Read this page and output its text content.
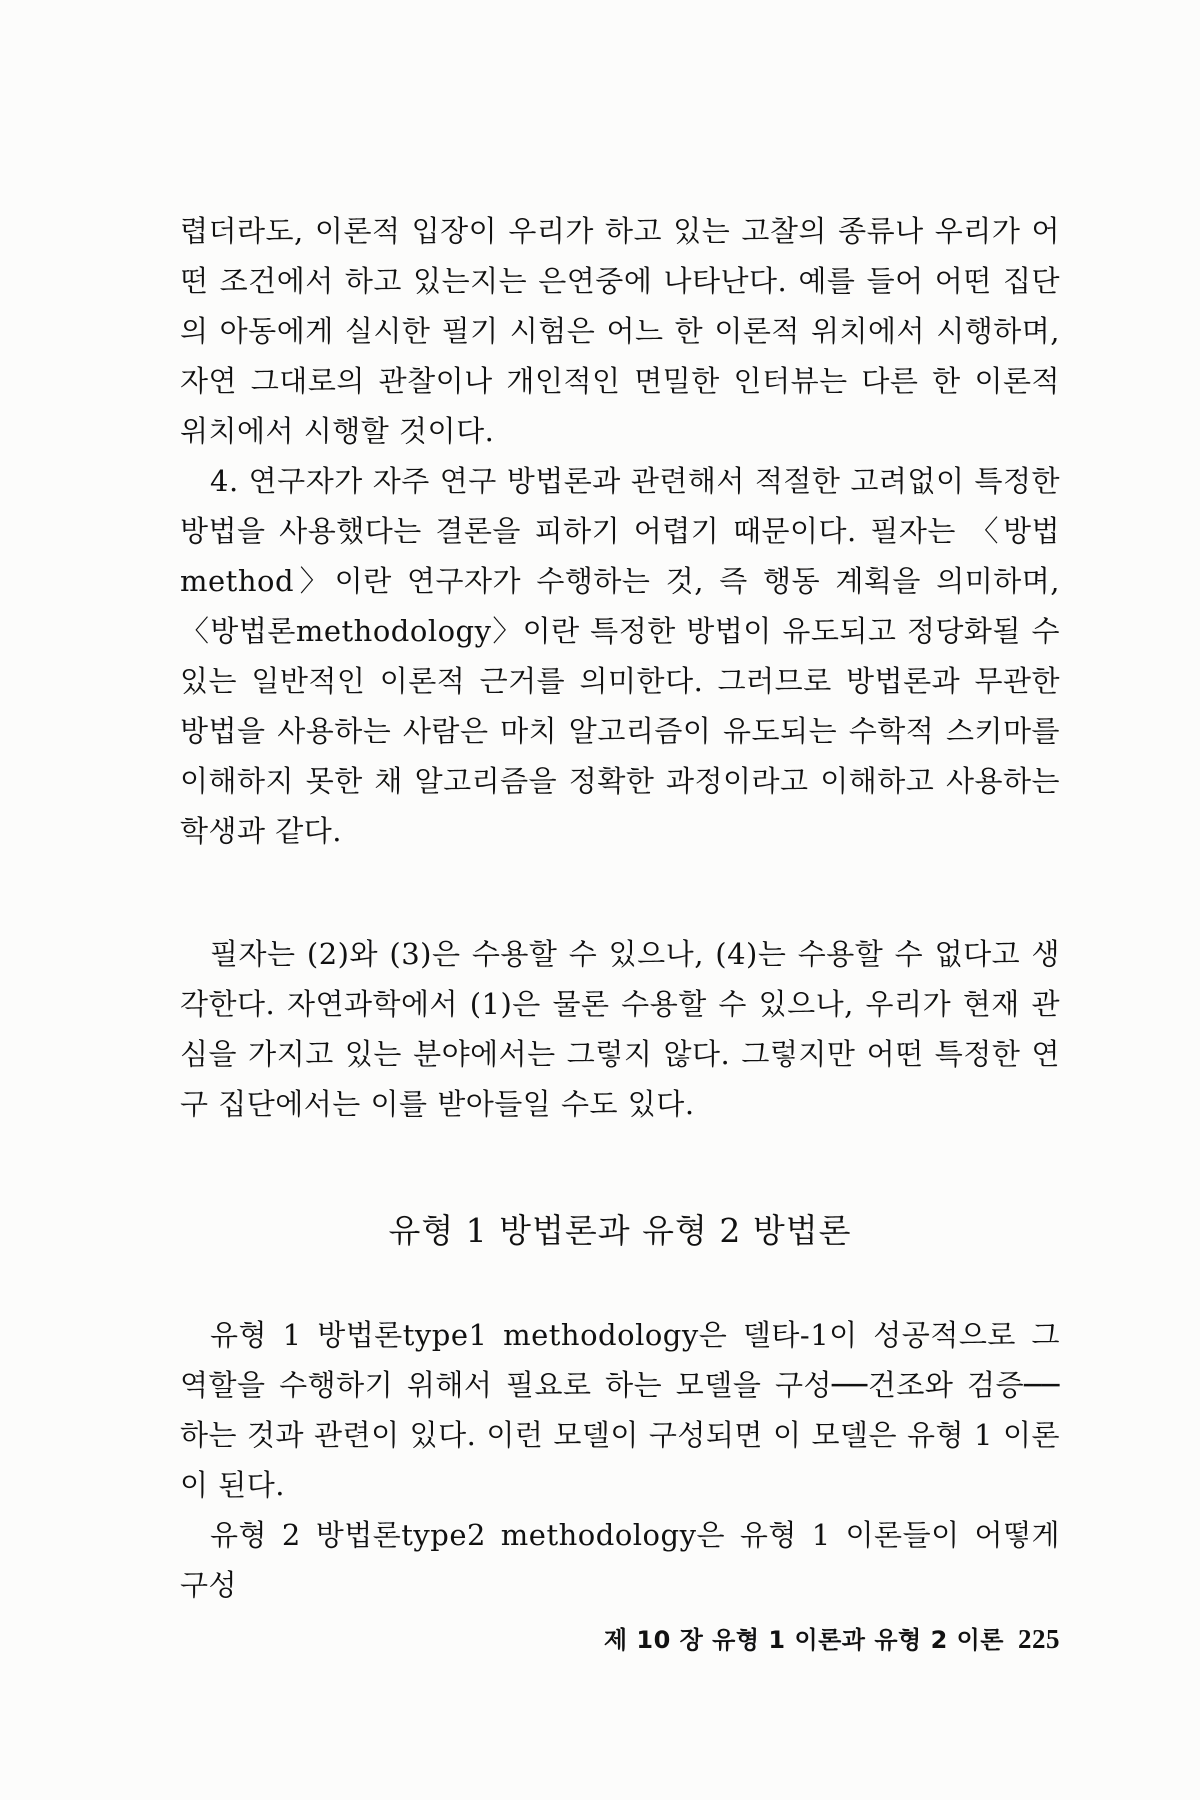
렵더라도, 이론적 입장이 우리가 하고 있는 고찰의 종류나 우리가 어떤 조건에서 하고 있는지는 은연중에 나타난다. 예를 들어 어떤 집단의 아동에게 실시한 필기 시험은 어느 한 이론적 위치에서 시행하며, 자연 그대로의 관찰이나 개인적인 면밀한 인터뷰는 다른 한 이론적 위치에서 시행할 것이다.

4. 연구자가 자주 연구 방법론과 관련해서 적절한 고려없이 특정한 방법을 사용했다는 결론을 피하기 어렵기 때문이다. 필자는 〈방법method〉이란 연구자가 수행하는 것, 즉 행동 계획을 의미하며, 〈방법론methodology〉이란 특정한 방법이 유도되고 정당화될 수 있는 일반적인 이론적 근거를 의미한다. 그러므로 방법론과 무관한 방법을 사용하는 사람은 마치 알고리즘이 유도되는 수학적 스키마를 이해하지 못한 채 알고리즘을 정확한 과정이라고 이해하고 사용하는 학생과 같다.

필자는 (2)와 (3)은 수용할 수 있으나, (4)는 수용할 수 없다고 생각한다. 자연과학에서 (1)은 물론 수용할 수 있으나, 우리가 현재 관심을 가지고 있는 분야에서는 그렇지 않다. 그렇지만 어떤 특정한 연구 집단에서는 이를 받아들일 수도 있다.

유형 1 방법론과 유형 2 방법론

유형 1 방법론type1 methodology은 델타-1이 성공적으로 그 역할을 수행하기 위해서 필요로 하는 모델을 구성──건조와 검증──하는 것과 관련이 있다. 이런 모델이 구성되면 이 모델은 유형 1 이론이 된다.

유형 2 방법론type2 methodology은 유형 1 이론들이 어떻게 구성

제 10 장 유형 1 이론과 유형 2 이론 225
